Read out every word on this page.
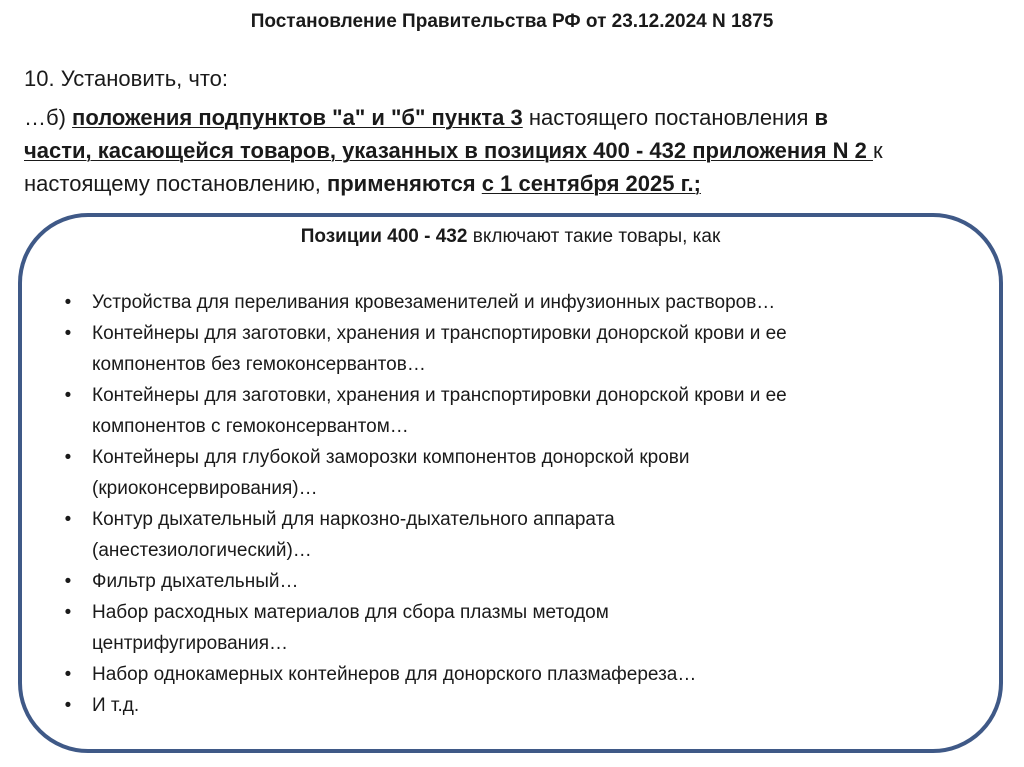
Постановление Правительства РФ от 23.12.2024 N 1875
10. Установить, что:
…б) положения подпунктов "а" и "б" пункта 3 настоящего постановления в
части, касающейся товаров, указанных в позициях 400 - 432 приложения N 2 к
настоящему постановлению, применяются с 1 сентября 2025 г.;
Позиции 400 - 432 включают такие товары, как
• Устройства для переливания кровезаменителей и инфузионных растворов…
• Контейнеры для заготовки, хранения и транспортировки донорской крови и ее
компонентов без гемоконсервантов…
• Контейнеры для заготовки, хранения и транспортировки донорской крови и ее
компонентов с гемоконсервантом…
• Контейнеры для глубокой заморозки компонентов донорской крови
(криоконсервирования)…
• Контур дыхательный для наркозно-дыхательного аппарата
(анестезиологический)…
• Фильтр дыхательный…
• Набор расходных материалов для сбора плазмы методом
центрифугирования…
• Набор однокамерных контейнеров для донорского плазмафереза…
• И т.д.
